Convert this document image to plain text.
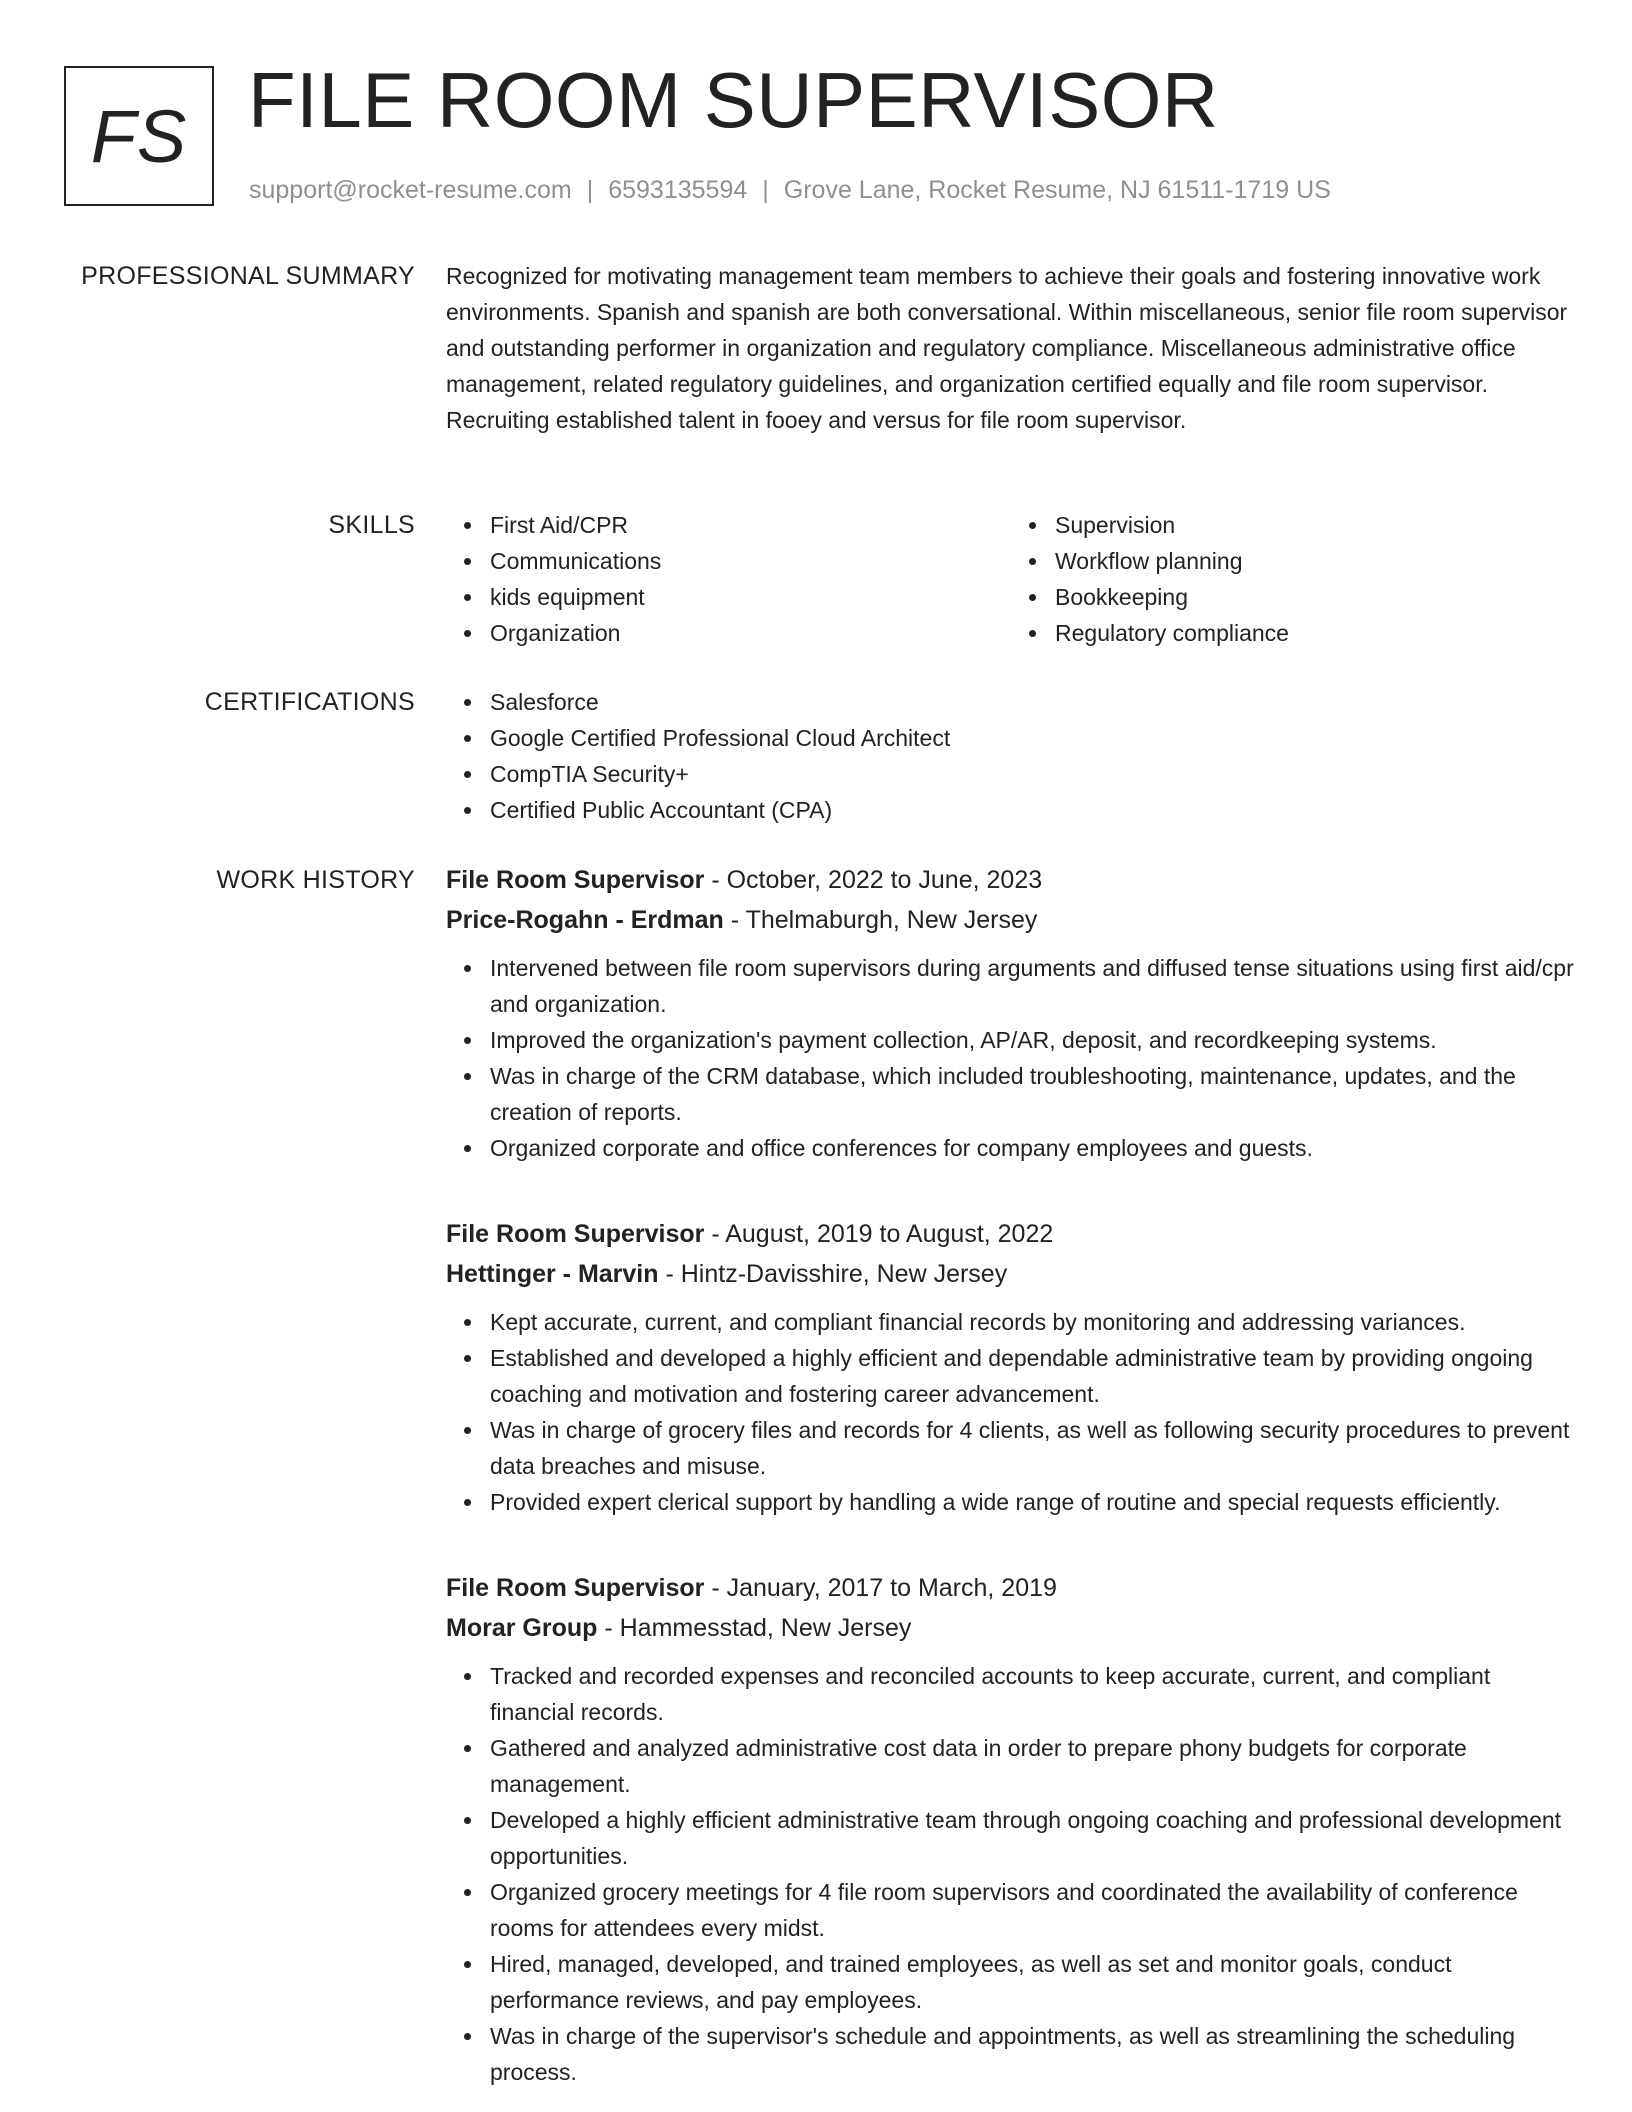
FS FILE ROOM SUPERVISOR
support@rocket-resume.com | 6593135594 | Grove Lane, Rocket Resume, NJ 61511-1719 US
PROFESSIONAL SUMMARY Recognized for motivating management team members to achieve their goals and fostering innovative work environments. Spanish and spanish are both conversational. Within miscellaneous, senior file room supervisor and outstanding performer in organization and regulatory compliance. Miscellaneous administrative office management, related regulatory guidelines, and organization certified equally and file room supervisor. Recruiting established talent in fooey and versus for file room supervisor.

SKILLS	First Aid/CPR
Communications
kids equipment
Organization
Supervision
Workflow planning
Bookkeeping
Regulatory compliance
CERTIFICATIONS	Salesforce
Google Certified Professional Cloud Architect
CompTIA Security+
Certified Public Accountant (CPA)
WORK HISTORY File Room Supervisor - October, 2022 to June, 2023
Price-Rogahn - Erdman - Thelmaburgh, New Jersey
Intervened between file room supervisors during arguments and diffused tense situations using first aid/cpr and organization.
Improved the organization's payment collection, AP/AR, deposit, and recordkeeping systems.
Was in charge of the CRM database, which included troubleshooting, maintenance, updates, and the creation of reports.
Organized corporate and office conferences for company employees and guests.
File Room Supervisor - August, 2019 to August, 2022
Hettinger - Marvin - Hintz-Davisshire, New Jersey
Kept accurate, current, and compliant financial records by monitoring and addressing variances.
Established and developed a highly efficient and dependable administrative team by providing ongoing coaching and motivation and fostering career advancement.
Was in charge of grocery files and records for 4 clients, as well as following security procedures to prevent data breaches and misuse.
Provided expert clerical support by handling a wide range of routine and special requests efficiently.
File Room Supervisor - January, 2017 to March, 2019
Morar Group - Hammesstad, New Jersey
Tracked and recorded expenses and reconciled accounts to keep accurate, current, and compliant financial records.
Gathered and analyzed administrative cost data in order to prepare phony budgets for corporate management.
Developed a highly efficient administrative team through ongoing coaching and professional development opportunities.
Organized grocery meetings for 4 file room supervisors and coordinated the availability of conference rooms for attendees every midst.
Hired, managed, developed, and trained employees, as well as set and monitor goals, conduct performance reviews, and pay employees.
Was in charge of the supervisor's schedule and appointments, as well as streamlining the scheduling process.
